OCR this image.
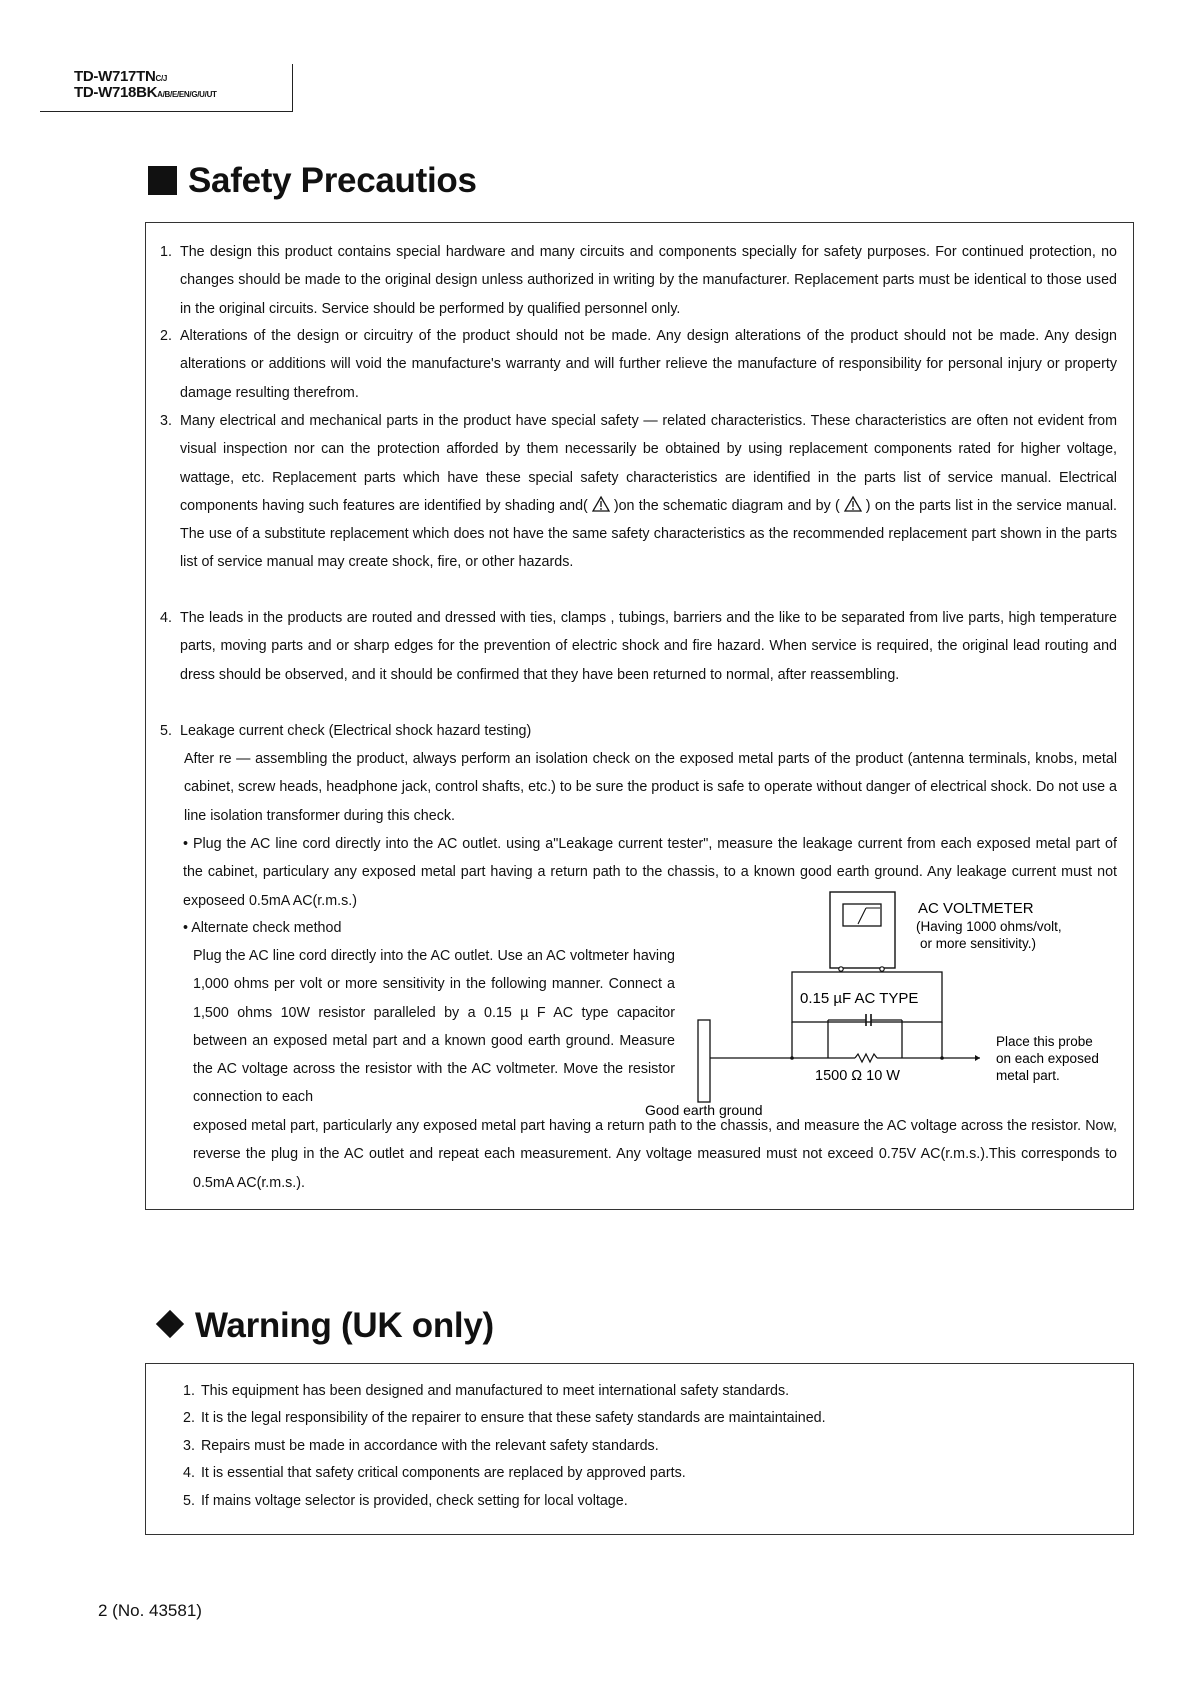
TD-W717TNC/J
TD-W718BKA/B/E/EN/G/U/UT
Safety Precautios
1. The design this product contains special hardware and many circuits and components specially for safety purposes. For continued protection, no changes should be made to the original design unless authorized in writing by the manufacturer. Replacement parts must be identical to those used in the original circuits. Service should be performed by qualified personnel only.
2. Alterations of the design or circuitry of the product should not be made. Any design alterations of the product should not be made. Any design alterations or additions will void the manufacture's warranty and will further relieve the manufacture of responsibility for personal injury or property damage resulting therefrom.
3. Many electrical and mechanical parts in the product have special safety — related characteristics. These characteristics are often not evident from visual inspection nor can the protection afforded by them necessarily be obtained by using replacement components rated for higher voltage, wattage, etc. Replacement parts which have these special safety characteristics are identified in the parts list of service manual. Electrical components having such features are identified by shading and( )on the schematic diagram and by ( ) on the parts list in the service manual. The use of a substitute replacement which does not have the same safety characteristics as the recommended replacement part shown in the parts list of service manual may create shock, fire, or other hazards.
4. The leads in the products are routed and dressed with ties, clamps , tubings, barriers and the like to be separated from live parts, high temperature parts, moving parts and or sharp edges for the prevention of electric shock and fire hazard. When service is required, the original lead routing and dress should be observed, and it should be confirmed that they have been returned to normal, after reassembling.
5. Leakage current check (Electrical shock hazard testing)
After re — assembling the product, always perform an isolation check on the exposed metal parts of the product (antenna terminals, knobs, metal cabinet, screw heads, headphone jack, control shafts, etc.) to be sure the product is safe to operate without danger of electrical shock. Do not use a line isolation transformer during this check.
• Plug the AC line cord directly into the AC outlet. using a"Leakage current tester", measure the leakage current from each exposed metal part of the cabinet, particulary any exposed metal part having a return path to the chassis, to a known good earth ground. Any leakage current must not exposeed 0.5mA AC(r.m.s.)
• Alternate check method
Plug the AC line cord directly into the AC outlet. Use an AC voltmeter having 1,000 ohms per volt or more sensitivity in the following manner. Connect a 1,500 ohms 10W resistor paralleled by a 0.15 µ F AC type capacitor between an exposed metal part and a known good earth ground. Measure the AC voltage across the resistor with the AC voltmeter. Move the resistor connection to each
exposed metal part, particularly any exposed metal part having a return path to the chassis, and measure the AC voltage across the resistor. Now, reverse the plug in the AC outlet and repeat each measurement. Any voltage measured must not exceed 0.75V AC(r.m.s.).This corresponds to 0.5mA AC(r.m.s.).
0.15 µF AC TYPE
AC VOLTMETER
(Having 1000 ohms/volt,
or more sensitivity.)
1500 Ω 10 W
Good earth ground
Place this probe
on each exposed
metal part.
Warning (UK only)
1. This equipment has been designed and manufactured to meet international safety standards.
2. It is the legal responsibility of the repairer to ensure that these safety standards are maintaintained.
3. Repairs must be made in accordance with the relevant safety standards.
4. It is essential that safety critical components are replaced by approved parts.
5. If mains voltage selector is provided, check setting for local voltage.
2 (No. 43581)
